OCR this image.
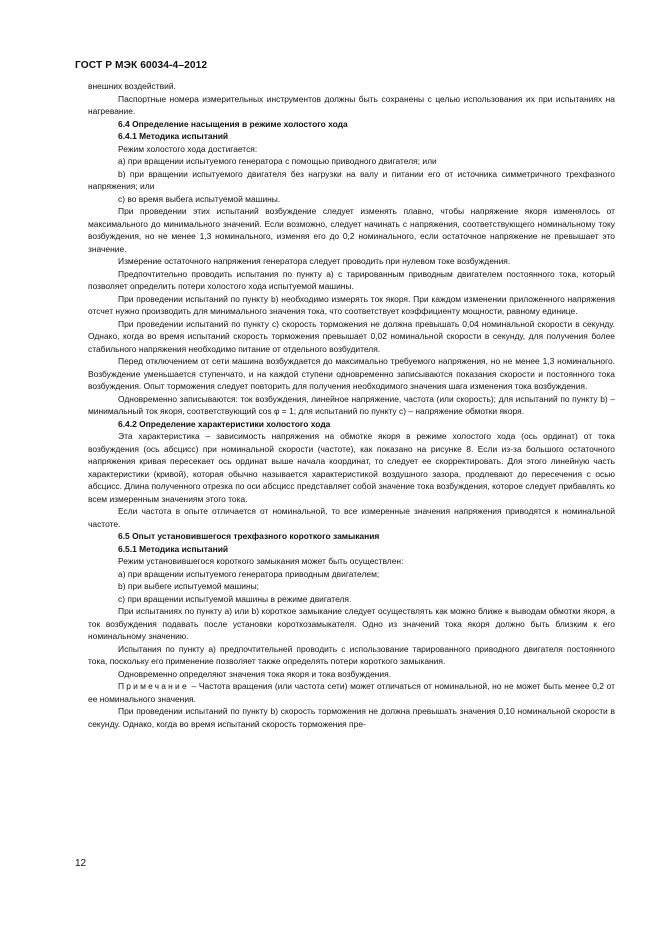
ГОСТ Р МЭК 60034-4–2012

внешних воздействий.

Паспортные номера измерительных инструментов должны быть сохранены с целью использования их при испытаниях на нагревание.

6.4 Определение насыщения в режиме холостого хода

6.4.1 Методика испытаний

Режим холостого хода достигается:

а) при вращении испытуемого генератора с помощью приводного двигателя; или

b) при вращении испытуемого двигателя без нагрузки на валу и питании его от источника симметричного трехфазного напряжения; или

с) во время выбега испытуемой машины.

При проведении этих испытаний возбуждение следует изменять плавно, чтобы напряжение якоря изменялось от максимального до минимального значений. Если возможно, следует начинать с напряжения, соответствующего номинальному току возбуждения, но не менее 1,3 номинального, изменяя его до 0,2 номинального, если остаточное напряжение не превышает это значение.

Измерение остаточного напряжения генератора следует проводить при нулевом токе возбуждения.

Предпочтительно проводить испытания по пункту а) с тарированным приводным двигателем постоянного тока, который позволяет определить потери холостого хода испытуемой машины.

При проведении испытаний по пункту b) необходимо измерять ток якоря. При каждом изменении приложенного напряжения отсчет нужно производить для минимального значения тока, что соответствует коэффициенту мощности, равному единице.

При проведении испытаний по пункту с) скорость торможения не должна превышать 0,04 номинальной скорости в секунду. Однако, когда во время испытаний скорость торможения превышает 0,02 номинальной скорости в секунду, для получения более стабильного напряжения необходимо питание от отдельного возбудителя.

Перед отключением от сети машина возбуждается до максимально требуемого напряжения, но не менее 1,3 номинального. Возбуждение уменьшается ступенчато, и на каждой ступени одновременно записываются показания скорости и постоянного тока возбуждения. Опыт торможения следует повторить для получения необходимого значения шага изменения тока возбуждения.

Одновременно записываются: ток возбуждения, линейное напряжение, частота (или скорость); для испытаний по пункту b) – минимальный ток якоря, соответствующий cos φ = 1; для испытаний по пункту с) – напряжение обмотки якоря.

6.4.2 Определение характеристики холостого хода

Эта характеристика – зависимость напряжения на обмотке якоря в режиме холостого хода (ось ординат) от тока возбуждения (ось абсцисс) при номинальной скорости (частоте), как показано на рисунке 8. Если из-за большого остаточного напряжения кривая пересекает ось ординат выше начала координат, то следует ее скорректировать. Для этого линейную часть характеристики (кривой), которая обычно называется характеристикой воздушного зазора, продлевают до пересечения с осью абсцисс. Длина полученного отрезка по оси абсцисс представляет собой значение тока возбуждения, которое следует прибавлять ко всем измеренным значениям этого тока.

Если частота в опыте отличается от номинальной, то все измеренные значения напряжения приводятся к номинальной частоте.

6.5 Опыт установившегося трехфазного короткого замыкания

6.5.1 Методика испытаний

Режим установившегося короткого замыкания может быть осуществлен:

а) при вращении испытуемого генератора приводным двигателем;

b) при выбеге испытуемой машины;

с) при вращении испытуемой машины в режиме двигателя.

При испытаниях по пункту а) или b) короткое замыкание следует осуществлять как можно ближе к выводам обмотки якоря, а ток возбуждения подавать после установки короткозамыкателя. Одно из значений тока якоря должно быть близким к его номинальному значению.

Испытания по пункту а) предпочтительней проводить с использование тарированного приводного двигателя постоянного тока, поскольку его применение позволяет также определять потери короткого замыкания.

Одновременно определяют значения тока якоря и тока возбуждения.

Примечание – Частота вращения (или частота сети) может отличаться от номинальной, но не может быть менее 0,2 от ее номинального значения.

При проведении испытаний по пункту b) скорость торможения не должна превышать значения 0,10 номинальной скорости в секунду. Однако, когда во время испытаний скорость торможения пре-

12
